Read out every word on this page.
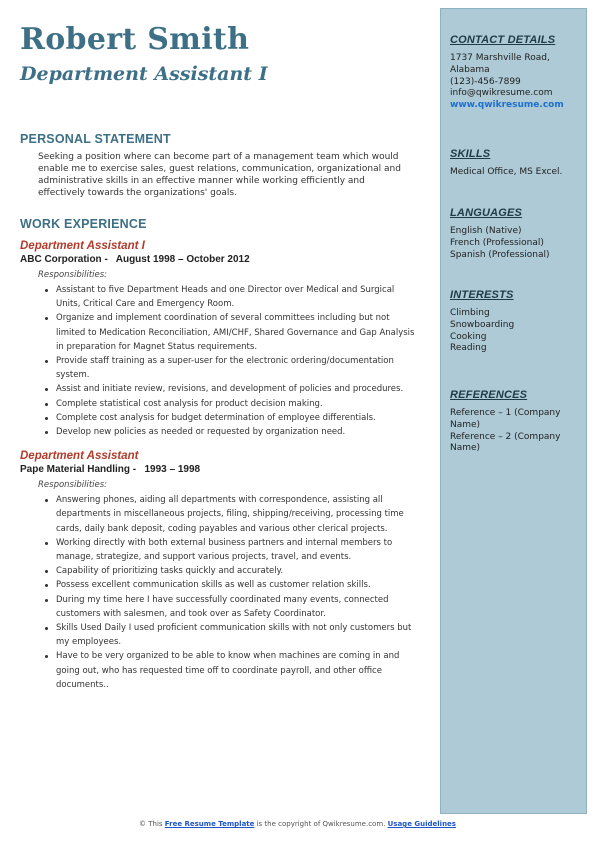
Robert Smith
Department Assistant I
PERSONAL STATEMENT
Seeking a position where can become part of a management team which would enable me to exercise sales, guest relations, communication, organizational and administrative skills in an effective manner while working efficiently and effectively towards the organizations' goals.
WORK EXPERIENCE
Department Assistant I
ABC Corporation -   August 1998 – October 2012
Responsibilities:
Assistant to five Department Heads and one Director over Medical and Surgical Units, Critical Care and Emergency Room.
Organize and implement coordination of several committees including but not limited to Medication Reconciliation, AMI/CHF, Shared Governance and Gap Analysis in preparation for Magnet Status requirements.
Provide staff training as a super-user for the electronic ordering/documentation system.
Assist and initiate review, revisions, and development of policies and procedures.
Complete statistical cost analysis for product decision making.
Complete cost analysis for budget determination of employee differentials.
Develop new policies as needed or requested by organization need.
Department Assistant
Pape Material Handling -   1993 – 1998
Responsibilities:
Answering phones, aiding all departments with correspondence, assisting all departments in miscellaneous projects, filing, shipping/receiving, processing time cards, daily bank deposit, coding payables and various other clerical projects.
Working directly with both external business partners and internal members to manage, strategize, and support various projects, travel, and events.
Capability of prioritizing tasks quickly and accurately.
Possess excellent communication skills as well as customer relation skills.
During my time here I have successfully coordinated many events, connected customers with salesmen, and took over as Safety Coordinator.
Skills Used Daily I used proficient communication skills with not only customers but my employees.
Have to be very organized to be able to know when machines are coming in and going out, who has requested time off to coordinate payroll, and other office documents..
CONTACT DETAILS
1737 Marshville Road,
Alabama
(123)-456-7899
info@qwikresume.com
www.qwikresume.com
SKILLS
Medical Office, MS Excel.
LANGUAGES
English (Native)
French (Professional)
Spanish (Professional)
INTERESTS
Climbing
Snowboarding
Cooking
Reading
REFERENCES
Reference – 1 (Company Name)
Reference – 2 (Company Name)
© This Free Resume Template is the copyright of Qwikresume.com. Usage Guidelines
